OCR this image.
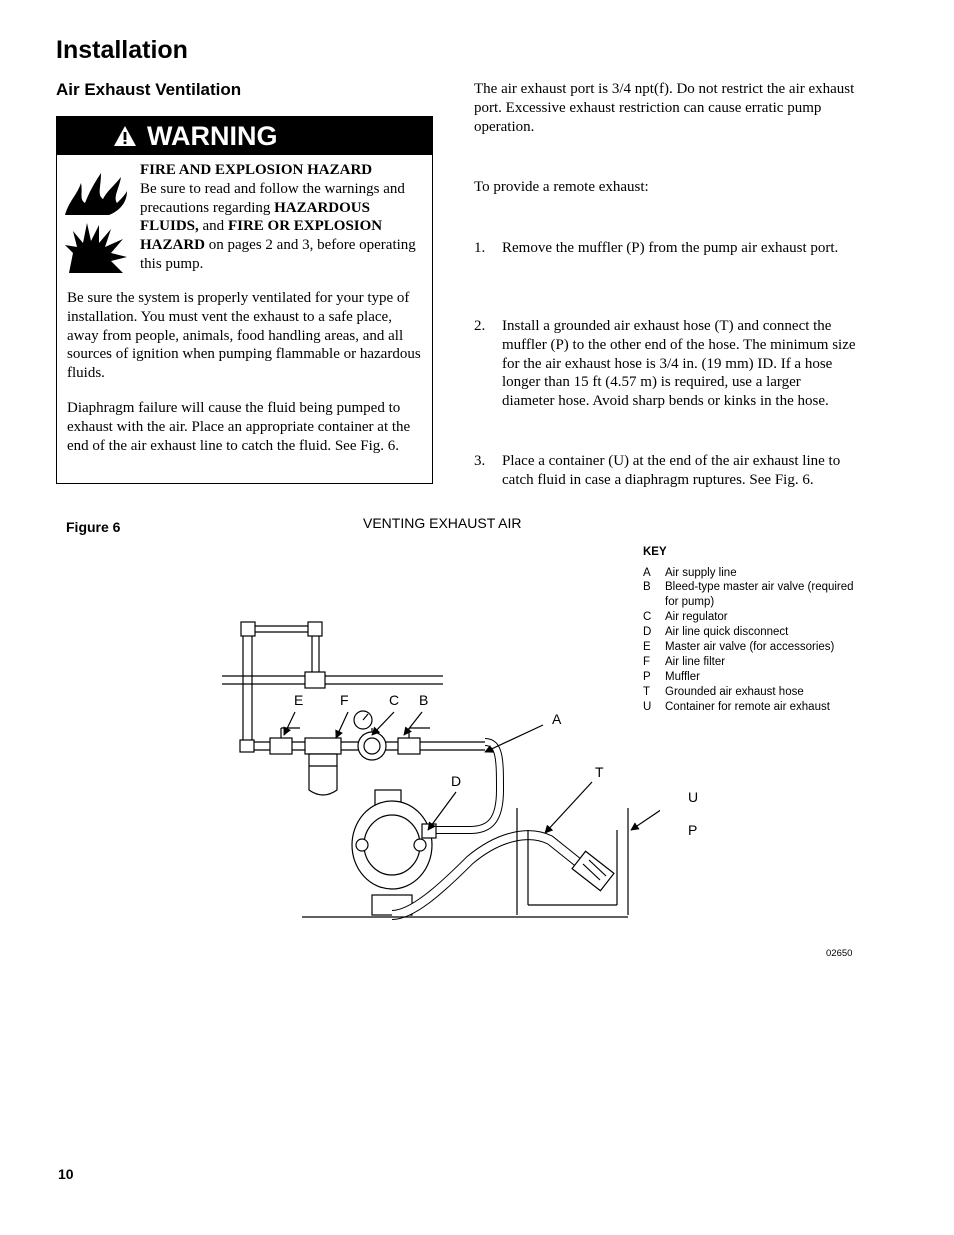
Installation
Air Exhaust Ventilation
WARNING
FIRE AND EXPLOSION HAZARD
Be sure to read and follow the warnings and precautions regarding HAZARDOUS FLUIDS, and FIRE OR EXPLOSION HAZARD on pages 2 and 3, before operating this pump.

Be sure the system is properly ventilated for your type of installation. You must vent the exhaust to a safe place, away from people, animals, food handling areas, and all sources of ignition when pumping flammable or hazardous fluids.

Diaphragm failure will cause the fluid being pumped to exhaust with the air. Place an appropriate container at the end of the air exhaust line to catch the fluid. See Fig. 6.

The air exhaust port is 3/4 npt(f). Do not restrict the air exhaust port. Excessive exhaust restriction can cause erratic pump operation.

To provide a remote exhaust:

1. Remove the muffler (P) from the pump air exhaust port.
2. Install a grounded air exhaust hose (T) and connect the muffler (P) to the other end of the hose. The minimum size for the air exhaust hose is 3/4 in. (19 mm) ID. If a hose longer than 15 ft (4.57 m) is required, use a larger diameter hose. Avoid sharp bends or kinks in the hose.
3. Place a container (U) at the end of the air exhaust line to catch fluid in case a diaphragm ruptures. See Fig. 6.
Figure 6	VENTING EXHAUST AIR
KEY
A Air supply line
B Bleed-type master air valve (required for pump)
C Air regulator
D Air line quick disconnect
E Master air valve (for accessories)
F Air line filter
P Muffler
T Grounded air exhaust hose
U Container for remote air exhaust
E	F	C B
A
D
T
U
P
02650
10
